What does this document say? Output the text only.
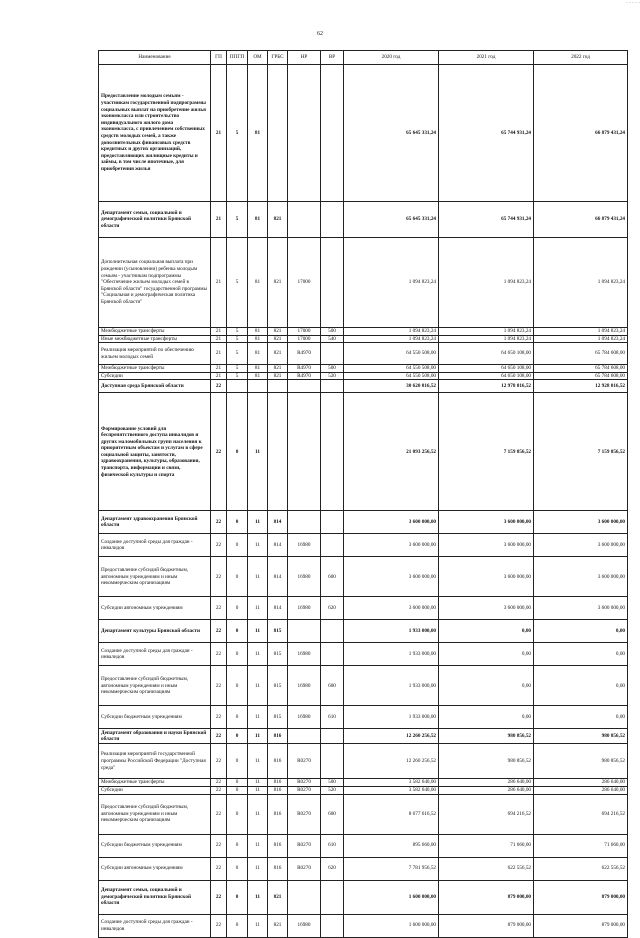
- - - - -
62
Наименование	ГП	ППГП	ОМ	ГРБС	НР	ВР	2020 год	2021 год	2022 год
Предоставление молодым семьям - участникам государственной подпрограммы социальных выплат на приобретение жилья экономкласса или строительство индивидуального жилого дома экономкласса, с привлечением собственных средств молодых семей, а также дополнительных финансовых средств кредитных и других организаций, предоставляющих жилищные кредиты и займы, в том числе ипотечные, для приобретения жилья	21	5	81				65 645 331,24	65 744 931,24	66 879 431,24
Департамент семьи, социальной и демографической политики Брянской области	21	5	81	821			65 645 331,24	65 744 931,24	66 879 431,24
Дополнительная социальная выплата при рождении (усыновлении) ребенка молодым семьям - участникам подпрограммы "Обеспечение жильем молодых семей в Брянской области" государственной программы "Социальная и демографическая политика Брянской области"	21	5	81	821	17000		1 094 823,24	1 094 823,24	1 094 823,24
Межбюджетные трансферты	21	5	81	821	17000	500	1 094 823,24	1 094 823,24	1 094 823,24
Иные межбюджетные трансферты	21	5	81	821	17000	540	1 094 823,24	1 094 823,24	1 094 823,24
Реализация мероприятий по обеспечению жильем молодых семей	21	5	81	821	R4970		64 550 508,00	64 650 108,00	65 784 608,00
Межбюджетные трансферты	21	5	81	821	R4970	500	64 550 508,00	64 650 108,00	65 784 608,00
Субсидии	21	5	81	821	R4970	520	64 550 508,00	64 650 108,00	65 784 608,00
Доступная среда Брянской области	22						30 620 816,52	12 978 016,52	12 928 016,52
Формирование условий для беспрепятственного доступа инвалидов и других маломобильных групп населения к приоритетным объектам и услугам в сфере социальной защиты, занятости, здравоохранения, культуры, образования, транспорта, информации и связи, физической культуры и спорта	22	0	11				21 093 256,52	7 159 856,52	7 159 856,52
Департамент здравоохранения Брянской области	22	0	11	814			3 600 000,00	3 600 000,00	3 600 000,00
Создание доступной среды для граждан - инвалидов	22	0	11	814	16980		3 600 000,00	3 600 000,00	3 600 000,00
Предоставление субсидий бюджетным, автономным учреждениям и иным некоммерческим организациям	22	0	11	814	16980	600	3 600 000,00	3 600 000,00	3 600 000,00
Субсидии автономным учреждениям	22	0	11	814	16980	620	3 600 000,00	3 600 000,00	3 600 000,00
Департамент культуры Брянской области	22	0	11	815			1 933 000,00	0,00	0,00
Создание доступной среды для граждан - инвалидов	22	0	11	815	16980		1 933 000,00	0,00	0,00
Предоставление субсидий бюджетным, автономным учреждениям и иным некоммерческим организациям	22	0	11	815	16980	600	1 933 000,00	0,00	0,00
Субсидии бюджетным учреждениям	22	0	11	815	16980	610	1 933 000,00	0,00	0,00
Департамент образования и науки Брянской области	22	0	11	816			12 260 256,52	980 856,52	980 856,52
Реализация мероприятий государственной программы Российской Федерации "Доступная среда"	22	0	11	816	R0270		12 260 256,52	980 856,52	980 856,52
Межбюджетные трансферты	22	0	11	816	R0270	500	3 582 640,00	286 640,00	286 640,00
Субсидии	22	0	11	816	R0270	520	3 582 640,00	286 640,00	286 640,00
Предоставление субсидий бюджетным, автономным учреждениям и иным некоммерческим организациям	22	0	11	816	R0270	600	8 677 616,52	694 216,52	694 216,52
Субсидии бюджетным учреждениям	22	0	11	816	R0270	610	895 660,00	71 660,00	71 660,00
Субсидии автономным учреждениям	22	0	11	816	R0270	620	7 781 956,52	622 556,52	622 556,52
Департамент семьи, социальной и демографической политики Брянской области	22	0	11	821			1 600 000,00	879 000,00	879 000,00
Создание доступной среды для граждан - инвалидов	22	0	11	821	16980		1 600 000,00	879 000,00	879 000,00
